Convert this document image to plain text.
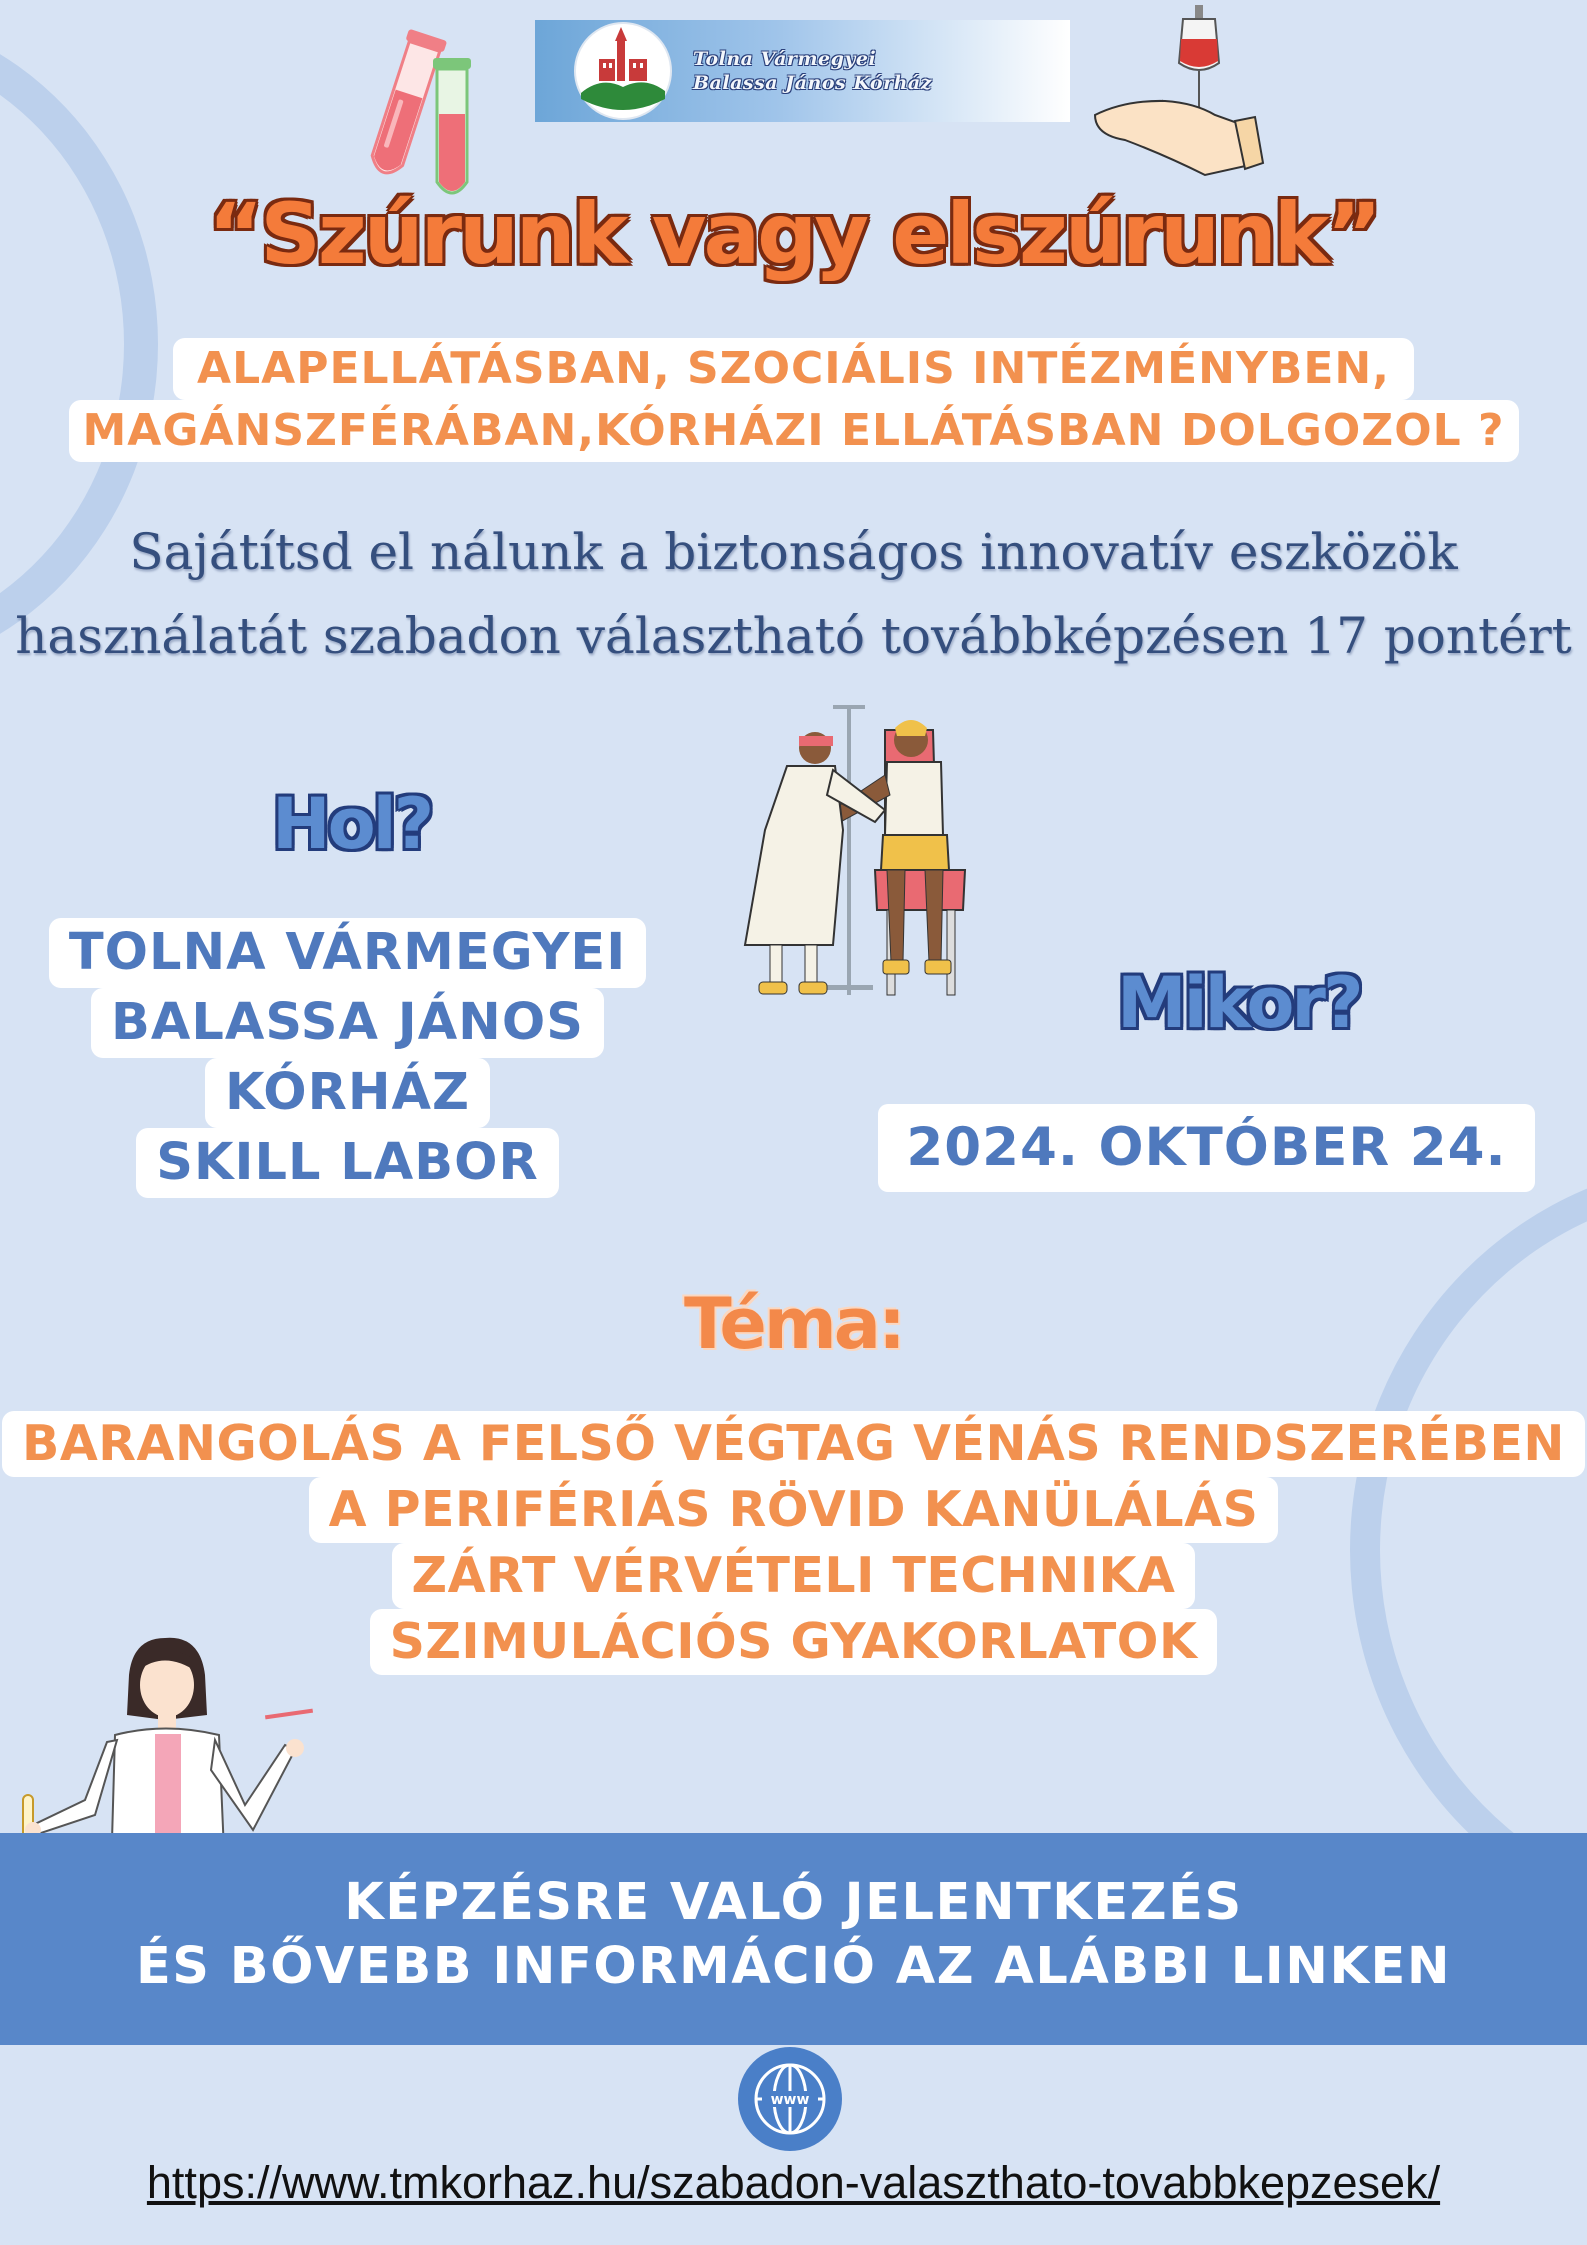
Tolna Vármegyei
Balassa János Kórház
“Szúrunk vagy elszúrunk”
ALAPELLÁTÁSBAN, SZOCIÁLIS INTÉZMÉNYBEN,
MAGÁNSZFÉRÁBAN,KÓRHÁZI ELLÁTÁSBAN DOLGOZOL ?
Sajátítsd el nálunk a biztonságos innovatív eszközök
használatát szabadon választható továbbképzésen 17 pontért
Hol?
TOLNA VÁRMEGYEI
BALASSA JÁNOS
KÓRHÁZ
SKILL LABOR
Mikor?
2024. OKTÓBER 24.
Téma:
BARANGOLÁS A FELSŐ VÉGTAG VÉNÁS RENDSZERÉBEN
A PERIFÉRIÁS RÖVID KANÜLÁLÁS
ZÁRT VÉRVÉTELI TECHNIKA
SZIMULÁCIÓS GYAKORLATOK
KÉPZÉSRE VALÓ JELENTKEZÉS
ÉS BŐVEBB INFORMÁCIÓ AZ ALÁBBI LINKEN
www
https://www.tmkorhaz.hu/szabadon-valaszthato-tovabbkepzesek/
